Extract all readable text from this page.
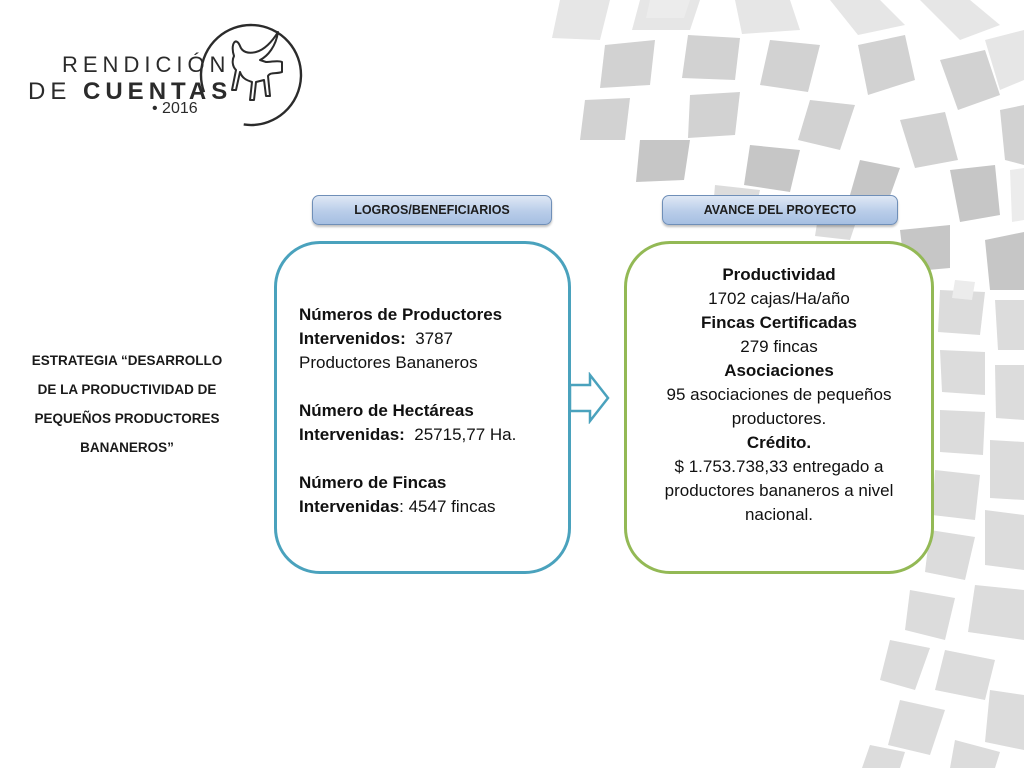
RENDICIÓN
DE CUENTAS
• 2016
LOGROS/BENEFICIARIOS	AVANCE DEL PROYECTO
ESTRATEGIA “DESARROLLO
DE LA PRODUCTIVIDAD DE
PEQUEÑOS PRODUCTORES
BANANEROS”
Números de Productores
Intervenidos:  3787
Productores Bananeros
Número de Hectáreas
Intervenidas:  25715,77 Ha.
Número de Fincas
Intervenidas: 4547 fincas
Productividad
1702 cajas/Ha/año
Fincas Certificadas
279 fincas
Asociaciones
95 asociaciones de pequeños
productores.
Crédito.
$ 1.753.738,33 entregado a
productores bananeros a nivel
nacional.
